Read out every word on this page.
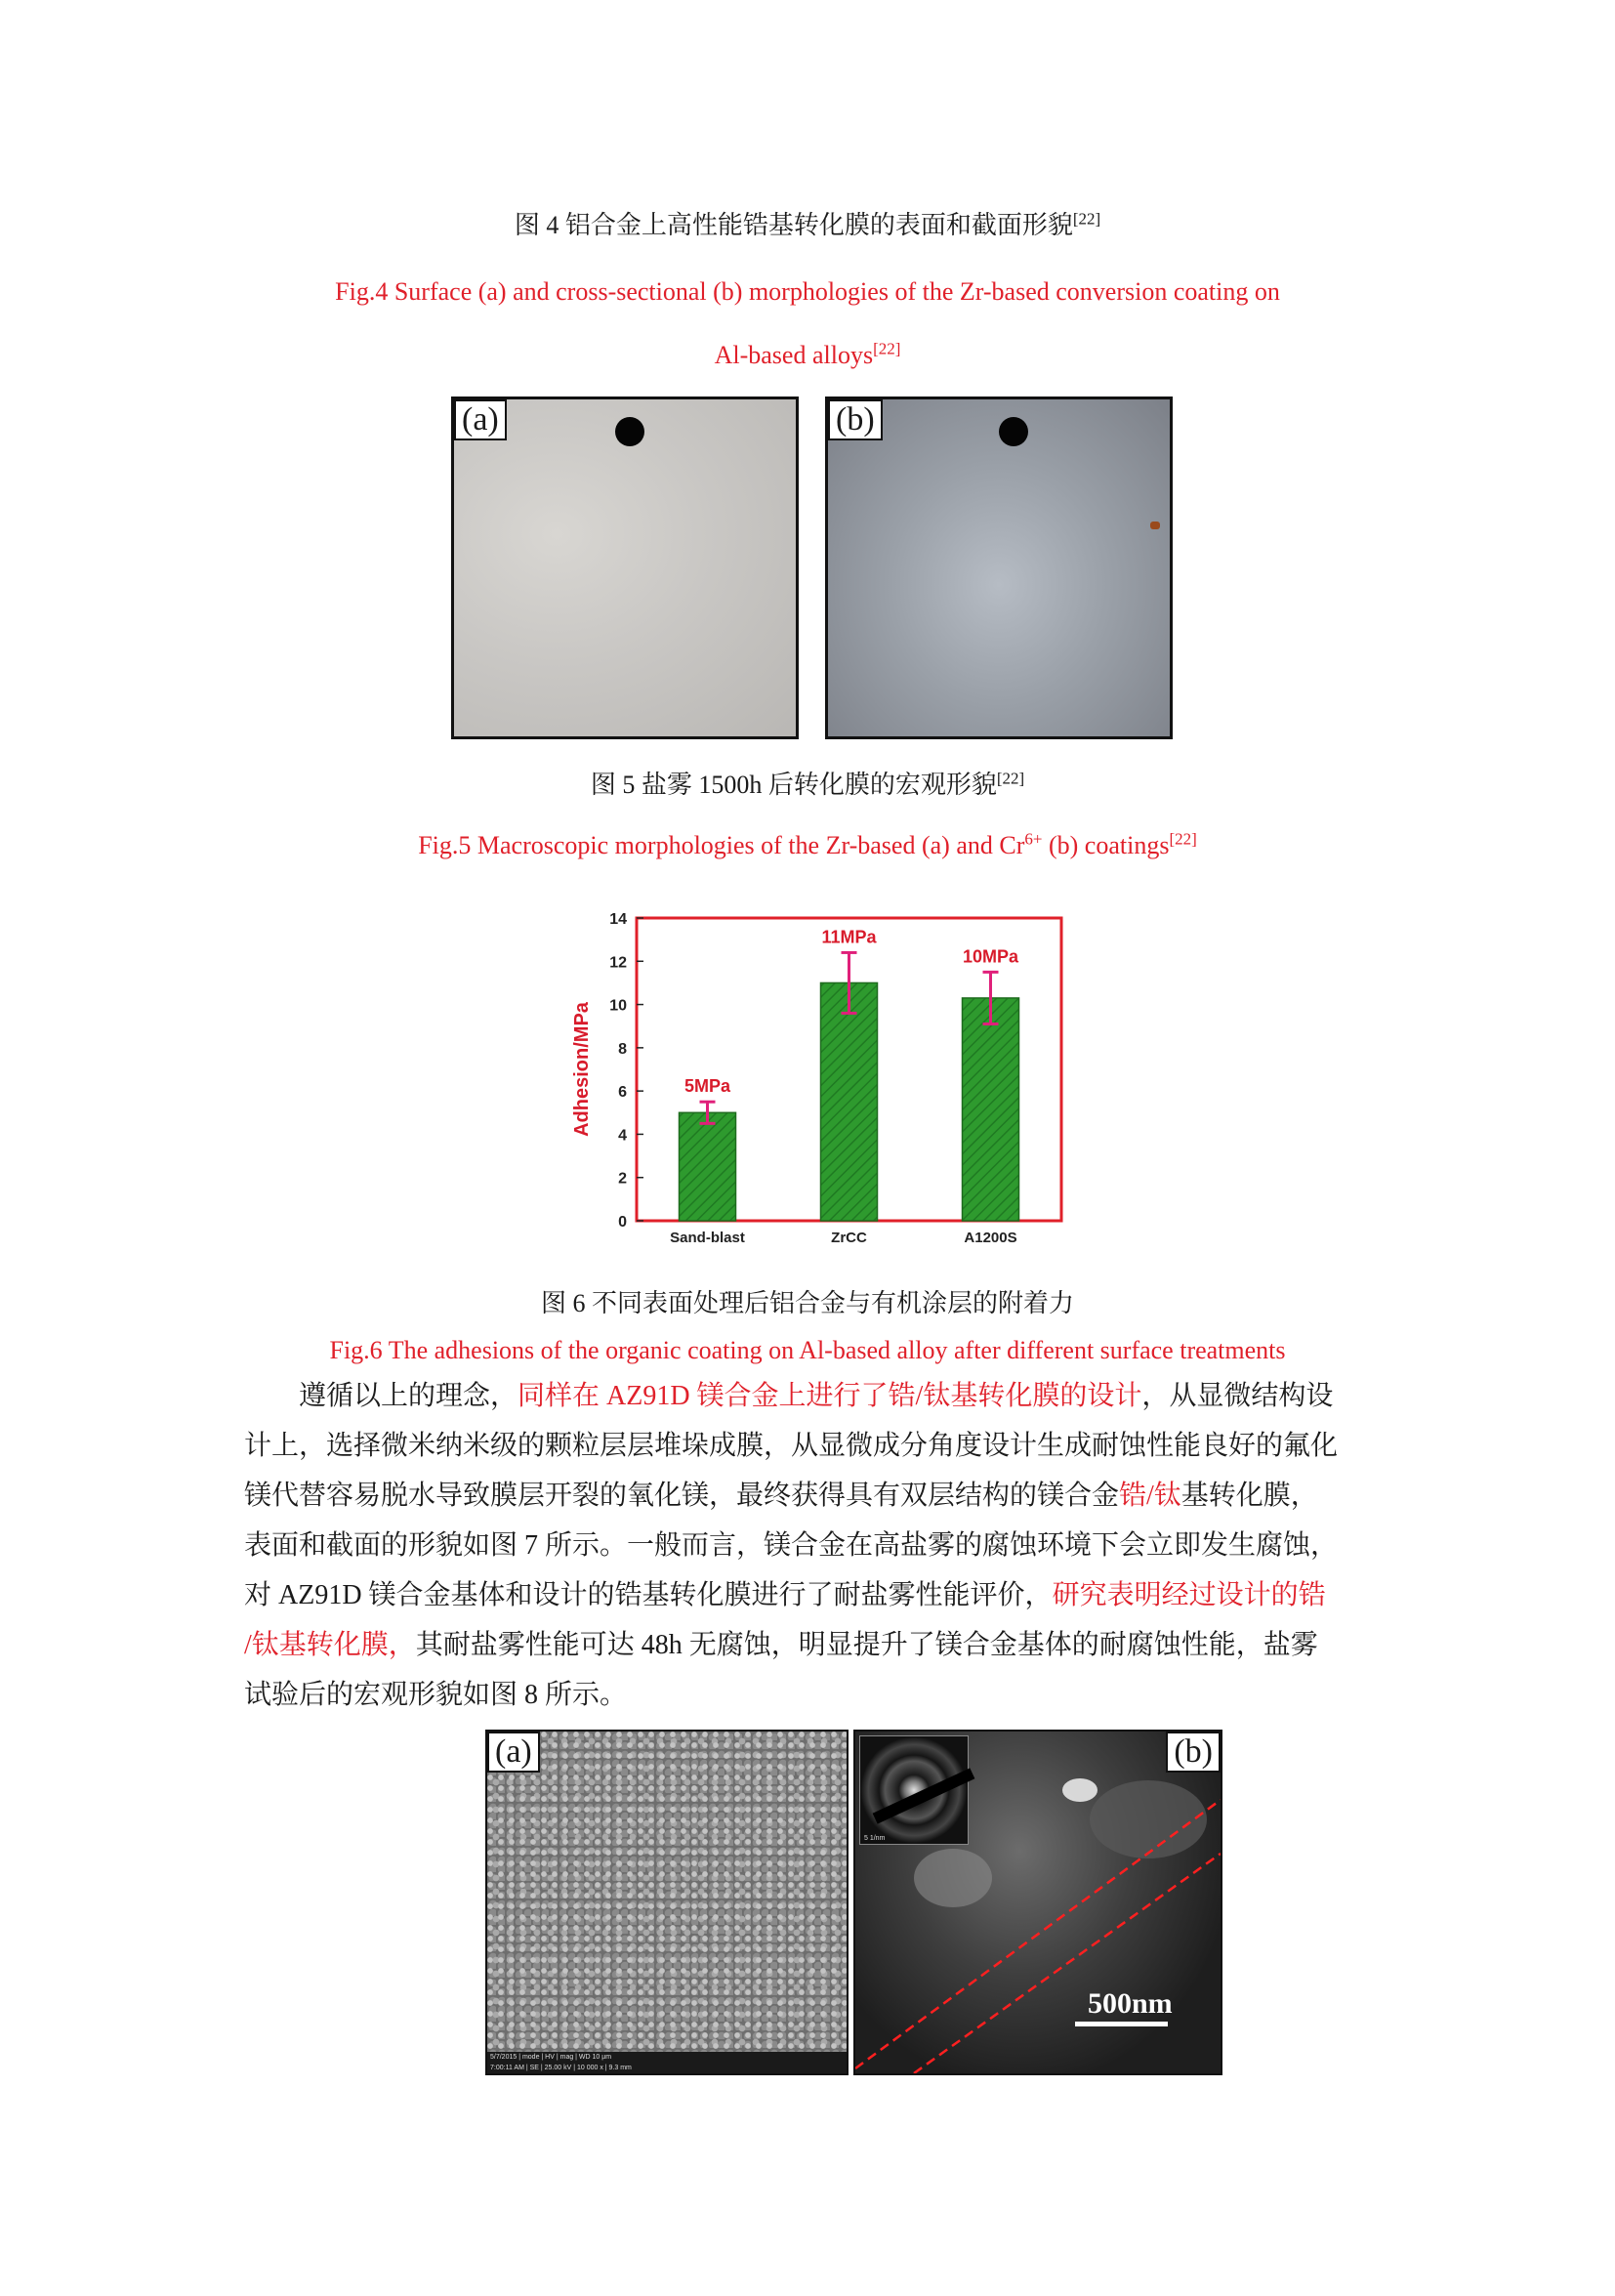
图 4 铝合金上高性能锆基转化膜的表面和截面形貌[22]
Fig.4 Surface (a) and cross-sectional (b) morphologies of the Zr-based conversion coating on
Al-based alloys[22]
(a)	(b)
图 5 盐雾 1500h 后转化膜的宏观形貌[22]
Fig.5 Macroscopic morphologies of the Zr-based (a) and $Cr^{6+}$ (b) coatings[22]
0
2
4
6
8
10
12
14
Adhesion/MPa	5MPa
Sand-blast
11MPa
ZrCC
10MPa
A1200S
图 6 不同表面处理后铝合金与有机涂层的附着力
Fig.6 The adhesions of the organic coating on Al-based alloy after different surface treatments
遵循以上的理念，同样在 AZ91D 镁合金上进行了锆/钛基转化膜的设计，从显微结构设
计上，选择微米纳米级的颗粒层层堆垛成膜，从显微成分角度设计生成耐蚀性能良好的氟化
镁代替容易脱水导致膜层开裂的氧化镁，最终获得具有双层结构的镁合金锆/钛基转化膜，
表面和截面的形貌如图 7 所示。一般而言，镁合金在高盐雾的腐蚀环境下会立即发生腐蚀，
对 AZ91D 镁合金基体和设计的锆基转化膜进行了耐盐雾性能评价，研究表明经过设计的锆
/钛基转化膜，其耐盐雾性能可达 48h 无腐蚀，明显提升了镁合金基体的耐腐蚀性能，盐雾
试验后的宏观形貌如图 8 所示。
(a)
5/7/2015 | mode | HV | mag | WD 10 µm
7:00:11 AM | SE | 25.00 kV | 10 000 x | 9.3 mm
5 1/nm
(b)
500nm
